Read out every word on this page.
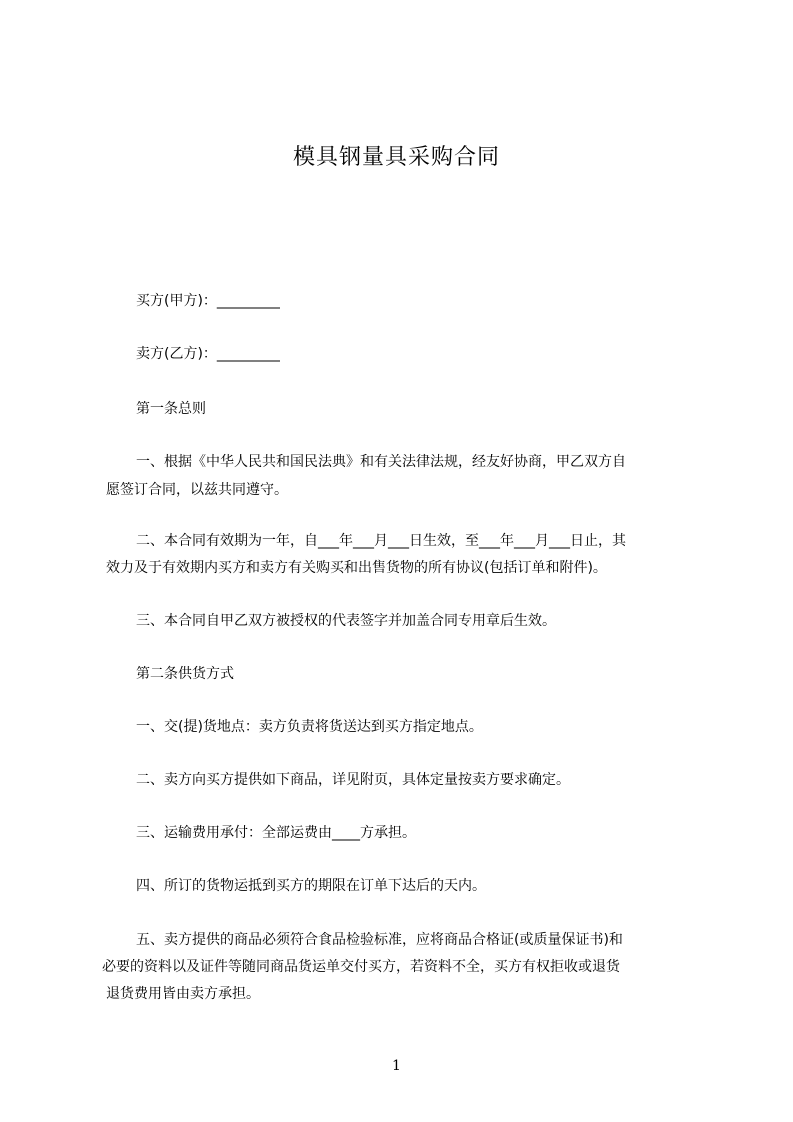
模具钢量具采购合同
买方(甲方)：_________
卖方(乙方)：_________
第一条总则
一、根据《中华人民共和国民法典》和有关法律法规，经友好协商，甲乙双方自
愿签订合同，以兹共同遵守。
二、本合同有效期为一年，自___年___月___日生效，至___年___月___日止，其
效力及于有效期内买方和卖方有关购买和出售货物的所有协议(包括订单和附件)。
三、本合同自甲乙双方被授权的代表签字并加盖合同专用章后生效。
第二条供货方式
一、交(提)货地点：卖方负责将货送达到买方指定地点。
二、卖方向买方提供如下商品，详见附页，具体定量按卖方要求确定。
三、运输费用承付：全部运费由____方承担。
四、所订的货物运抵到买方的期限在订单下达后的天内。
五、卖方提供的商品必须符合食品检验标准，应将商品合格证(或质量保证书)和
必要的资料以及证件等随同商品货运单交付买方，若资料不全，买方有权拒收或退货
退货费用皆由卖方承担。
1
